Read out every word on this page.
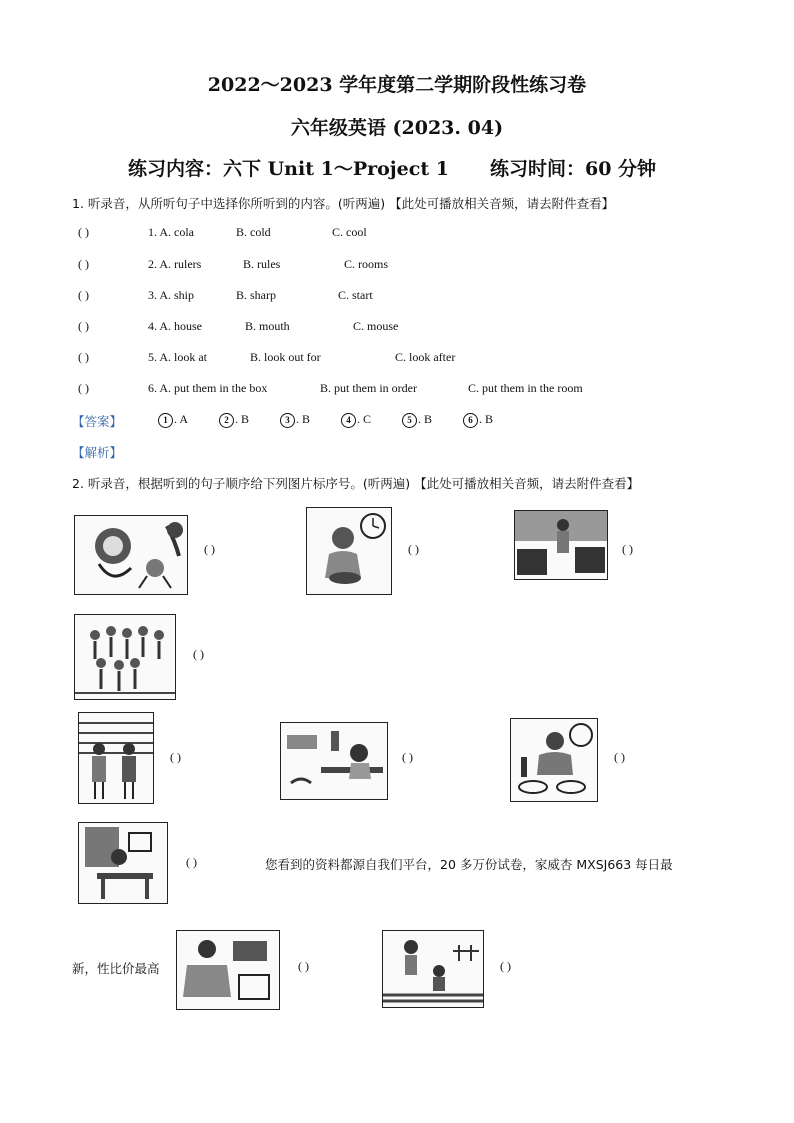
2022～2023 学年度第二学期阶段性练习卷
六年级英语 (2023. 04)
练习内容：六下 Unit 1～Project 1 练习时间：60 分钟
1. 听录音，从所听句子中选择你所听到的内容。(听两遍) 【此处可播放相关音频，请去附件查看】
( )	1. A. cola	B. cold	C. cool
( )	2. A. rulers	B. rules	C. rooms
( )	3. A. ship	B. sharp	C. start
( )	4. A. house	B. mouth	C. mouse
( )	5. A. look at	B. look out for	C. look after
( )	6. A. put them in the box	B. put them in order	C. put them in the room
【答案】	1 . A	2 . B	3 . B	4 . C	5 . B	6 . B
【解析】
2. 听录音，根据听到的句子顺序给下列图片标序号。(听两遍) 【此处可播放相关音频，请去附件查看】
( )	( )	( )
( )
( )	( )	( )
( )	您看到的资料都源自我们平台，20 多万份试卷，家威杏 MXSJ663 每日最
新，性比价最高	( )	( )
